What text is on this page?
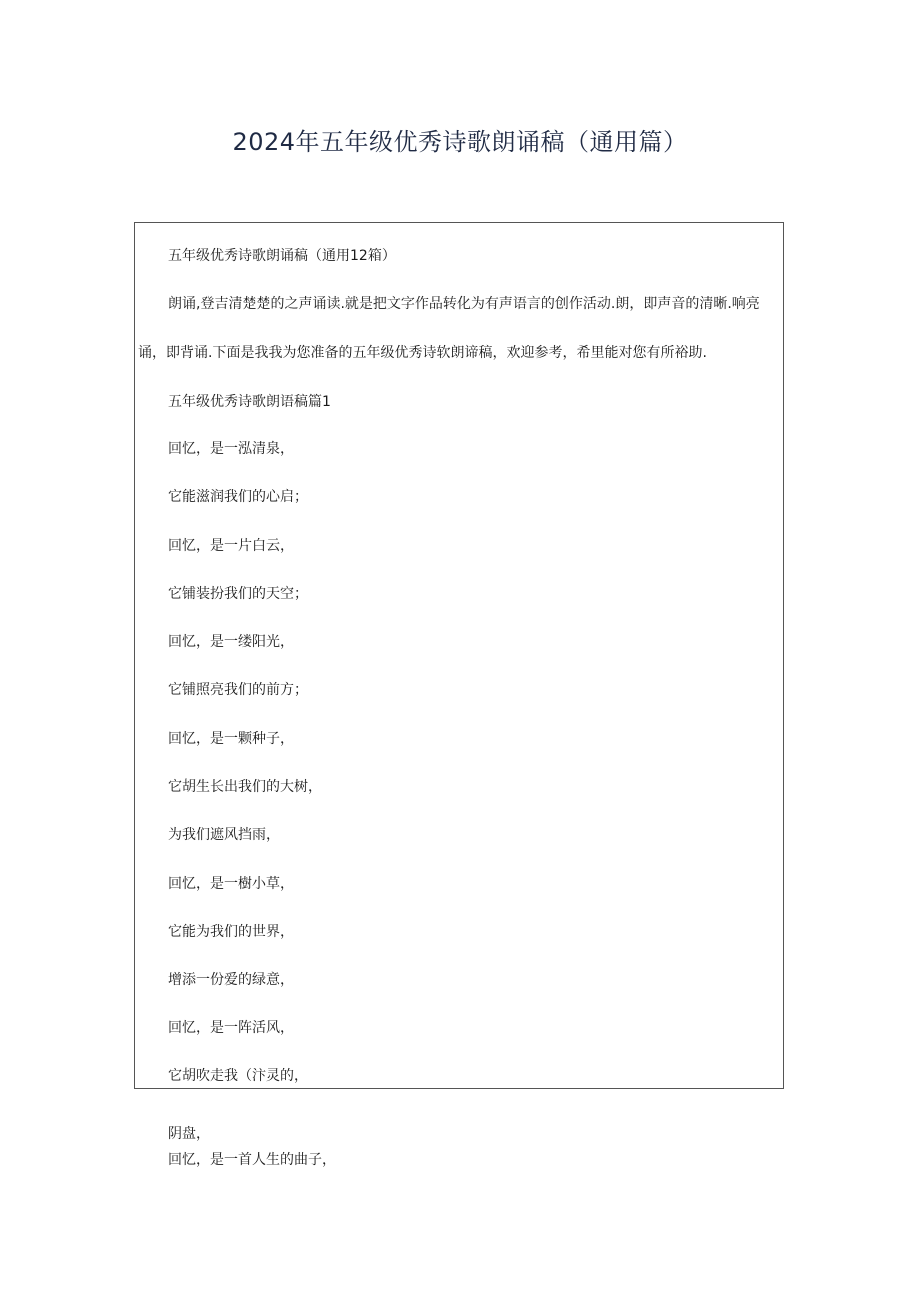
2024年五年级优秀诗歌朗诵稿（通用篇）
五年级优秀诗歌朗诵稿（通用12箱）
朗诵,登吉清楚楚的之声诵读.就是把文字作品转化为有声语言的创作活动.朗，即声音的清晰.响亮
诵，即背诵.下面是我我为您准备的五年级优秀诗软朗谛稿，欢迎参考，希里能对您有所裕助.
五年级优秀诗歌朗语稿篇1
回忆，是一泓清泉，
它能滋润我们的心启；
回忆，是一片白云，
它铺装扮我们的天空；
回忆，是一缕阳光，
它铺照亮我们的前方；
回忆，是一颗种子，
它胡生长出我们的大树，
为我们遮风挡雨，
回忆，是一樹小草，
它能为我们的世界，
增添一份爱的绿意，
回忆，是一阵活风，
它胡吹走我（汴灵的，
阴盘，
回忆，是一首人生的曲子，
